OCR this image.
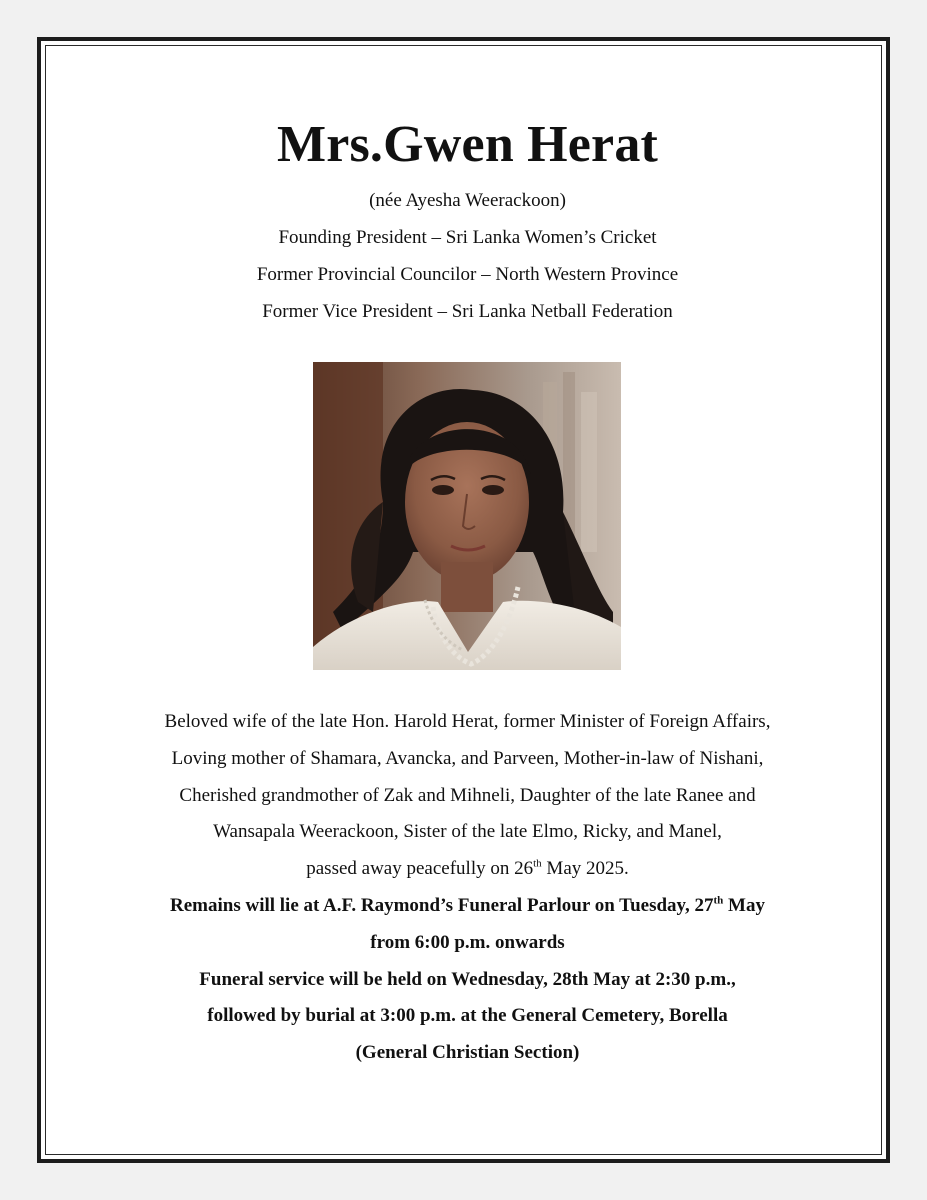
Mrs.Gwen Herat
(née Ayesha Weerackoon)
Founding President – Sri Lanka Women’s Cricket
Former Provincial Councilor – North Western Province
Former Vice President – Sri Lanka Netball Federation
Beloved wife of the late Hon. Harold Herat, former Minister of Foreign Affairs,
Loving mother of Shamara, Avancka, and Parveen, Mother-in-law of Nishani,
Cherished grandmother of Zak and Mihneli, Daughter of the late Ranee and
Wansapala Weerackoon, Sister of the late Elmo, Ricky, and Manel,
passed away peacefully on 26th May 2025.
Remains will lie at A.F. Raymond’s Funeral Parlour on Tuesday, 27th May
from 6:00 p.m. onwards
Funeral service will be held on Wednesday, 28th May at 2:30 p.m.,
followed by burial at 3:00 p.m. at the General Cemetery, Borella
(General Christian Section)
